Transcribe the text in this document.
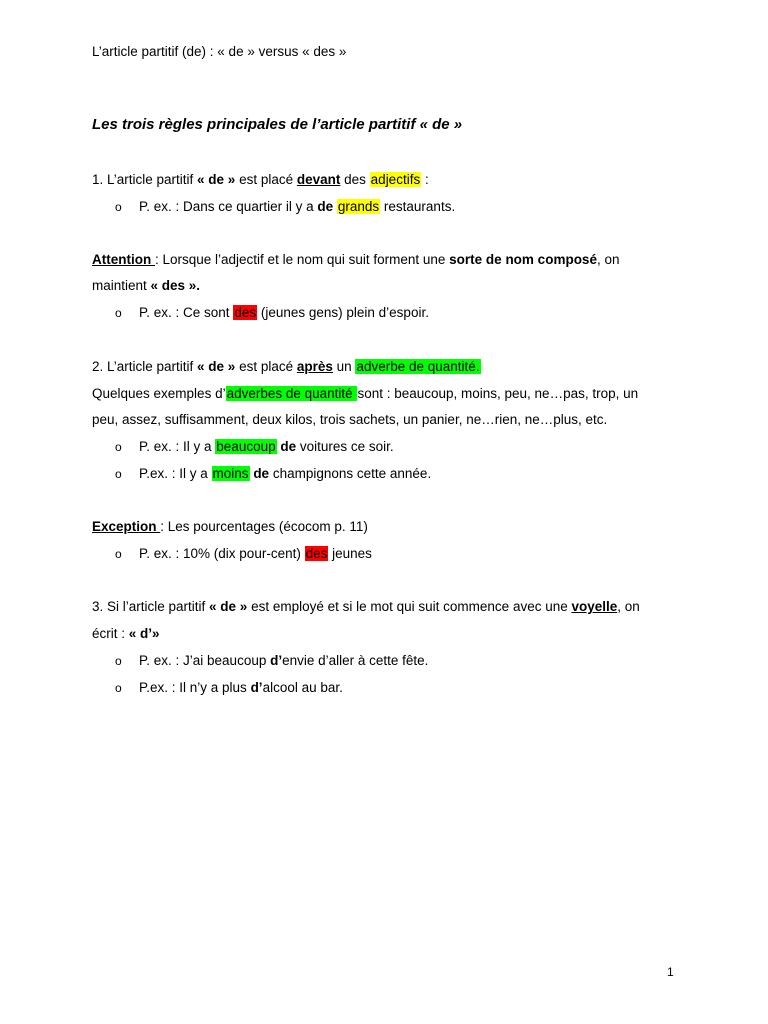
L’article partitif (de) : « de » versus « des »
Les trois règles principales de l’article partitif « de »
1. L’article partitif « de » est placé devant des adjectifs :
o P. ex. : Dans ce quartier il y a de grands restaurants.
Attention : Lorsque l’adjectif et le nom qui suit forment une sorte de nom composé, on
maintient « des ».
o P. ex. : Ce sont des (jeunes gens) plein d’espoir.
2. L’article partitif « de » est placé après un adverbe de quantité.
Quelques exemples d’adverbes de quantité sont : beaucoup, moins, peu, ne…pas, trop, un
peu, assez, suffisamment, deux kilos, trois sachets, un panier, ne…rien, ne…plus, etc.
o P. ex. : Il y a beaucoup de voitures ce soir.
o P.ex. : Il y a moins de champignons cette année.
Exception : Les pourcentages (écocom p. 11)
o P. ex. : 10% (dix pour-cent) des jeunes
3. Si l’article partitif « de » est employé et si le mot qui suit commence avec une voyelle, on
écrit : « d’»
o P. ex. : J’ai beaucoup d’envie d’aller à cette fête.
o P.ex. : Il n’y a plus d’alcool au bar.
1
